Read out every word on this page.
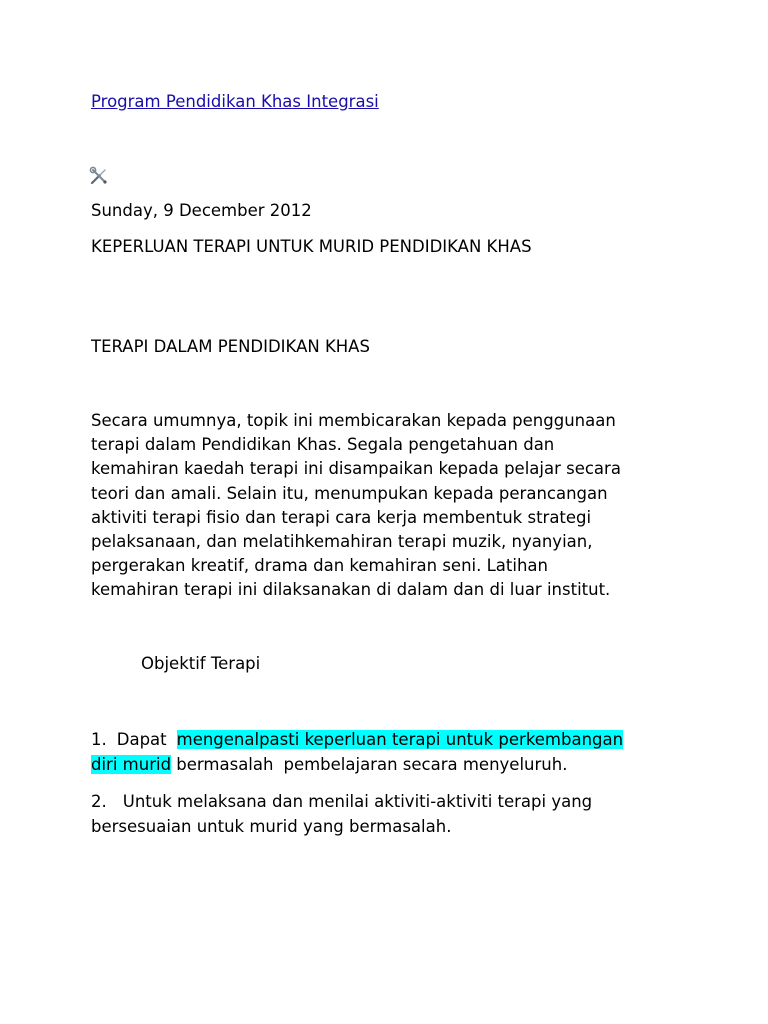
Program Pendidikan Khas Integrasi
Sunday, 9 December 2012
KEPERLUAN TERAPI UNTUK MURID PENDIDIKAN KHAS
TERAPI DALAM PENDIDIKAN KHAS
Secara umumnya, topik ini membicarakan kepada penggunaan
terapi dalam Pendidikan Khas. Segala pengetahuan dan
kemahiran kaedah terapi ini disampaikan kepada pelajar secara
teori dan amali. Selain itu, menumpukan kepada perancangan
aktiviti terapi fisio dan terapi cara kerja membentuk strategi
pelaksanaan, dan melatihkemahiran terapi muzik, nyanyian,
pergerakan kreatif, drama dan kemahiran seni. Latihan
kemahiran terapi ini dilaksanakan di dalam dan di luar institut.
Objektif Terapi
1. Dapat mengenalpasti keperluan terapi untuk perkembangan
diri murid bermasalah pembelajaran secara menyeluruh.
2. Untuk melaksana dan menilai aktiviti-aktiviti terapi yang
bersesuaian untuk murid yang bermasalah.
